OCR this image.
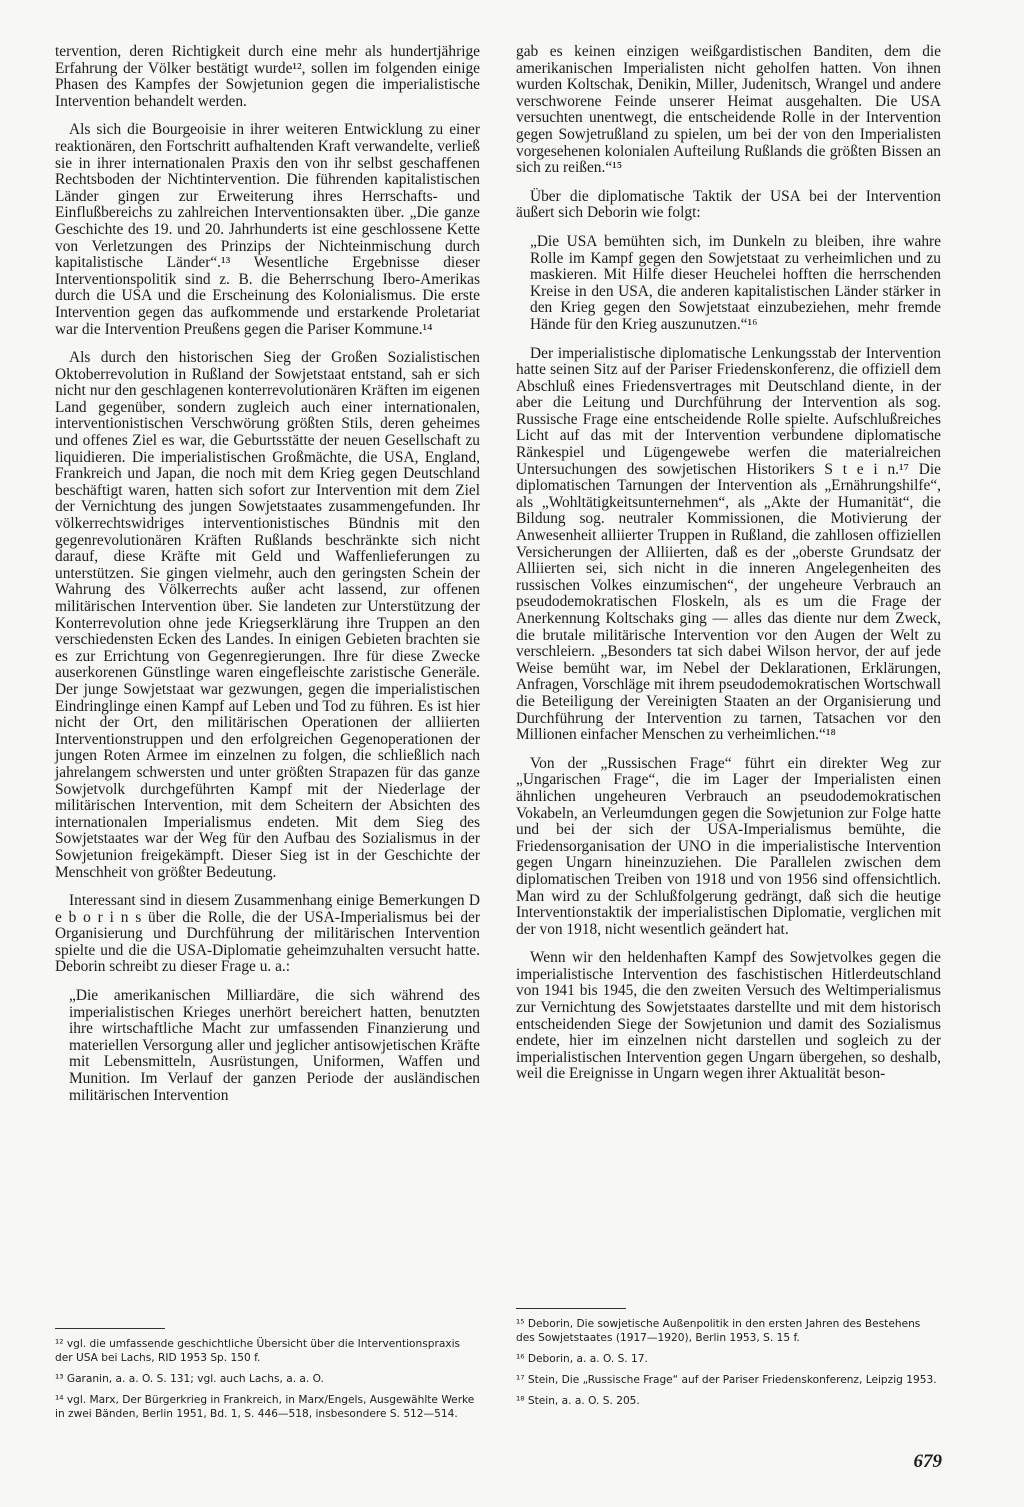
tervention, deren Richtigkeit durch eine mehr als hundertjährige Erfahrung der Völker bestätigt wurde¹², sollen im folgenden einige Phasen des Kampfes der Sowjetunion gegen die imperialistische Intervention behandelt werden.

Als sich die Bourgeoisie in ihrer weiteren Entwicklung zu einer reaktionären, den Fortschritt aufhaltenden Kraft verwandelte, verließ sie in ihrer internationalen Praxis den von ihr selbst geschaffenen Rechtsboden der Nichtintervention. Die führenden kapitalistischen Länder gingen zur Erweiterung ihres Herrschafts- und Einflußbereichs zu zahlreichen Interventionsakten über. „Die ganze Geschichte des 19. und 20. Jahrhunderts ist eine geschlossene Kette von Verletzungen des Prinzips der Nichteinmischung durch kapitalistische Länder“.¹³ Wesentliche Ergebnisse dieser Interventionspolitik sind z. B. die Beherrschung Ibero-Amerikas durch die USA und die Erscheinung des Kolonialismus. Die erste Intervention gegen das aufkommende und erstarkende Proletariat war die Intervention Preußens gegen die Pariser Kommune.¹⁴

Als durch den historischen Sieg der Großen Sozialistischen Oktoberrevolution in Rußland der Sowjetstaat entstand, sah er sich nicht nur den geschlagenen konterrevolutionären Kräften im eigenen Land gegenüber, sondern zugleich auch einer internationalen, interventionistischen Verschwörung größten Stils, deren geheimes und offenes Ziel es war, die Geburtsstätte der neuen Gesellschaft zu liquidieren. Die imperialistischen Großmächte, die USA, England, Frankreich und Japan, die noch mit dem Krieg gegen Deutschland beschäftigt waren, hatten sich sofort zur Intervention mit dem Ziel der Vernichtung des jungen Sowjetstaates zusammengefunden. Ihr völkerrechtswidriges interventionistisches Bündnis mit den gegenrevolutionären Kräften Rußlands beschränkte sich nicht darauf, diese Kräfte mit Geld und Waffenlieferungen zu unterstützen. Sie gingen vielmehr, auch den geringsten Schein der Wahrung des Völkerrechts außer acht lassend, zur offenen militärischen Intervention über. Sie landeten zur Unterstützung der Konterrevolution ohne jede Kriegserklärung ihre Truppen an den verschiedensten Ecken des Landes. In einigen Gebieten brachten sie es zur Errichtung von Gegenregierungen. Ihre für diese Zwecke auserkorenen Günstlinge waren eingefleischte zaristische Generäle. Der junge Sowjetstaat war gezwungen, gegen die imperialistischen Eindringlinge einen Kampf auf Leben und Tod zu führen. Es ist hier nicht der Ort, den militärischen Operationen der alliierten Interventionstruppen und den erfolgreichen Gegenoperationen der jungen Roten Armee im einzelnen zu folgen, die schließlich nach jahrelangem schwersten und unter größten Strapazen für das ganze Sowjetvolk durchgeführten Kampf mit der Niederlage der militärischen Intervention, mit dem Scheitern der Absichten des internationalen Imperialismus endeten. Mit dem Sieg des Sowjetstaates war der Weg für den Aufbau des Sozialismus in der Sowjetunion freigekämpft. Dieser Sieg ist in der Geschichte der Menschheit von größter Bedeutung.

Interessant sind in diesem Zusammenhang einige Bemerkungen D e b o r i n s über die Rolle, die der USA-Imperialismus bei der Organisierung und Durchführung der militärischen Intervention spielte und die die USA-Diplomatie geheimzuhalten versucht hatte. Deborin schreibt zu dieser Frage u. a.:

„Die amerikanischen Milliardäre, die sich während des imperialistischen Krieges unerhört bereichert hatten, benutzten ihre wirtschaftliche Macht zur umfassenden Finanzierung und materiellen Versorgung aller und jeglicher antisowjetischen Kräfte mit Lebensmitteln, Ausrüstungen, Uniformen, Waffen und Munition. Im Verlauf der ganzen Periode der ausländischen militärischen Intervention

¹² vgl. die umfassende geschichtliche Übersicht über die Interventionspraxis der USA bei Lachs, RID 1953 Sp. 150 f.

¹³ Garanin, a. a. O. S. 131; vgl. auch Lachs, a. a. O.

¹⁴ vgl. Marx, Der Bürgerkrieg in Frankreich, in Marx/Engels, Ausgewählte Werke in zwei Bänden, Berlin 1951, Bd. 1, S. 446—518, insbesondere S. 512—514.

gab es keinen einzigen weißgardistischen Banditen, dem die amerikanischen Imperialisten nicht geholfen hatten. Von ihnen wurden Koltschak, Denikin, Miller, Judenitsch, Wrangel und andere verschworene Feinde unserer Heimat ausgehalten. Die USA versuchten unentwegt, die entscheidende Rolle in der Intervention gegen Sowjetrußland zu spielen, um bei der von den Imperialisten vorgesehenen kolonialen Aufteilung Rußlands die größten Bissen an sich zu reißen.“¹⁵

Über die diplomatische Taktik der USA bei der Intervention äußert sich Deborin wie folgt:

„Die USA bemühten sich, im Dunkeln zu bleiben, ihre wahre Rolle im Kampf gegen den Sowjetstaat zu verheimlichen und zu maskieren. Mit Hilfe dieser Heuchelei hofften die herrschenden Kreise in den USA, die anderen kapitalistischen Länder stärker in den Krieg gegen den Sowjetstaat einzubeziehen, mehr fremde Hände für den Krieg auszunutzen.“¹⁶

Der imperialistische diplomatische Lenkungsstab der Intervention hatte seinen Sitz auf der Pariser Friedenskonferenz, die offiziell dem Abschluß eines Friedensvertrages mit Deutschland diente, in der aber die Leitung und Durchführung der Intervention als sog. Russische Frage eine entscheidende Rolle spielte. Aufschlußreiches Licht auf das mit der Intervention verbundene diplomatische Ränkespiel und Lügengewebe werfen die materialreichen Untersuchungen des sowjetischen Historikers S t e i n.¹⁷ Die diplomatischen Tarnungen der Intervention als „Ernährungshilfe“, als „Wohltätigkeitsunternehmen“, als „Akte der Humanität“, die Bildung sog. neutraler Kommissionen, die Motivierung der Anwesenheit alliierter Truppen in Rußland, die zahllosen offiziellen Versicherungen der Alliierten, daß es der „oberste Grundsatz der Alliierten sei, sich nicht in die inneren Angelegenheiten des russischen Volkes einzumischen“, der ungeheure Verbrauch an pseudodemokratischen Floskeln, als es um die Frage der Anerkennung Koltschaks ging — alles das diente nur dem Zweck, die brutale militärische Intervention vor den Augen der Welt zu verschleiern. „Besonders tat sich dabei Wilson hervor, der auf jede Weise bemüht war, im Nebel der Deklarationen, Erklärungen, Anfragen, Vorschläge mit ihrem pseudodemokratischen Wortschwall die Beteiligung der Vereinigten Staaten an der Organisierung und Durchführung der Intervention zu tarnen, Tatsachen vor den Millionen einfacher Menschen zu verheimlichen.“¹⁸

Von der „Russischen Frage“ führt ein direkter Weg zur „Ungarischen Frage“, die im Lager der Imperialisten einen ähnlichen ungeheuren Verbrauch an pseudodemokratischen Vokabeln, an Verleumdungen gegen die Sowjetunion zur Folge hatte und bei der sich der USA-Imperialismus bemühte, die Friedensorganisation der UNO in die imperialistische Intervention gegen Ungarn hineinzuziehen. Die Parallelen zwischen dem diplomatischen Treiben von 1918 und von 1956 sind offensichtlich. Man wird zu der Schlußfolgerung gedrängt, daß sich die heutige Interventionstaktik der imperialistischen Diplomatie, verglichen mit der von 1918, nicht wesentlich geändert hat.

Wenn wir den heldenhaften Kampf des Sowjetvolkes gegen die imperialistische Intervention des faschistischen Hitlerdeutschland von 1941 bis 1945, die den zweiten Versuch des Weltimperialismus zur Vernichtung des Sowjetstaates darstellte und mit dem historisch entscheidenden Siege der Sowjetunion und damit des Sozialismus endete, hier im einzelnen nicht darstellen und sogleich zu der imperialistischen Intervention gegen Ungarn übergehen, so deshalb, weil die Ereignisse in Ungarn wegen ihrer Aktualität beson-

¹⁵ Deborin, Die sowjetische Außenpolitik in den ersten Jahren des Bestehens des Sowjetstaates (1917—1920), Berlin 1953, S. 15 f.

¹⁶ Deborin, a. a. O. S. 17.

¹⁷ Stein, Die „Russische Frage“ auf der Pariser Friedenskonferenz, Leipzig 1953.

¹⁸ Stein, a. a. O. S. 205.

679
